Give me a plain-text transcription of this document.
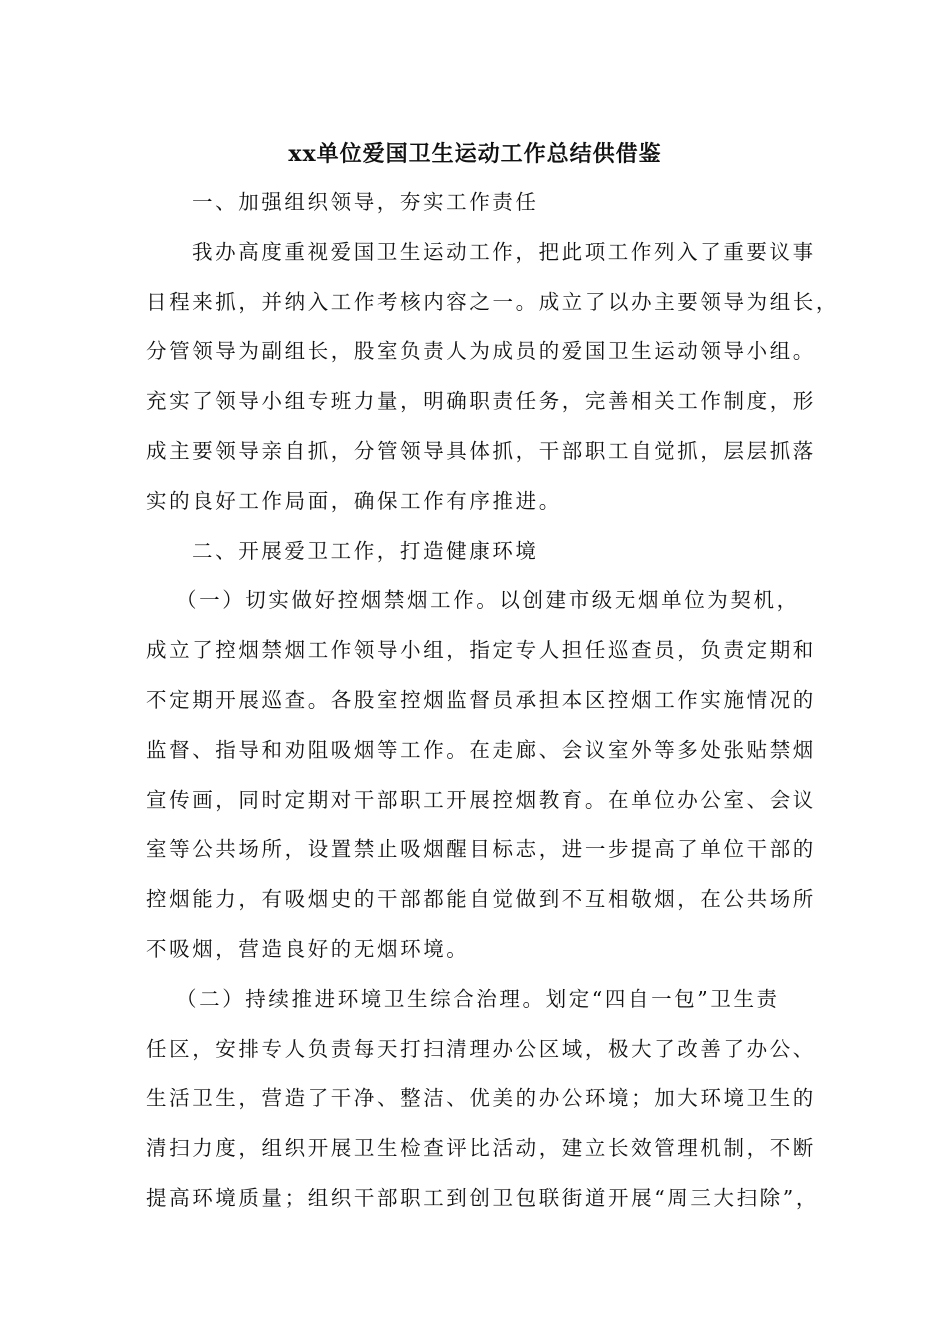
xx单位爱国卫生运动工作总结供借鉴
一、加强组织领导，夯实工作责任
我办高度重视爱国卫生运动工作，把此项工作列入了重要议事
日程来抓，并纳入工作考核内容之一。成立了以办主要领导为组长，
分管领导为副组长，股室负责人为成员的爱国卫生运动领导小组。
充实了领导小组专班力量，明确职责任务，完善相关工作制度，形
成主要领导亲自抓，分管领导具体抓，干部职工自觉抓，层层抓落
实的良好工作局面，确保工作有序推进。
二、开展爱卫工作，打造健康环境
（一）切实做好控烟禁烟工作。以创建市级无烟单位为契机，
成立了控烟禁烟工作领导小组，指定专人担任巡查员，负责定期和
不定期开展巡查。各股室控烟监督员承担本区控烟工作实施情况的
监督、指导和劝阻吸烟等工作。在走廊、会议室外等多处张贴禁烟
宣传画，同时定期对干部职工开展控烟教育。在单位办公室、会议
室等公共场所，设置禁止吸烟醒目标志，进一步提高了单位干部的
控烟能力，有吸烟史的干部都能自觉做到不互相敬烟，在公共场所
不吸烟，营造良好的无烟环境。
（二）持续推进环境卫生综合治理。划定“四自一包”卫生责
任区，安排专人负责每天打扫清理办公区域，极大了改善了办公、
生活卫生，营造了干净、整洁、优美的办公环境；加大环境卫生的
清扫力度，组织开展卫生检查评比活动，建立长效管理机制，不断
提高环境质量；组织干部职工到创卫包联街道开展“周三大扫除”，
